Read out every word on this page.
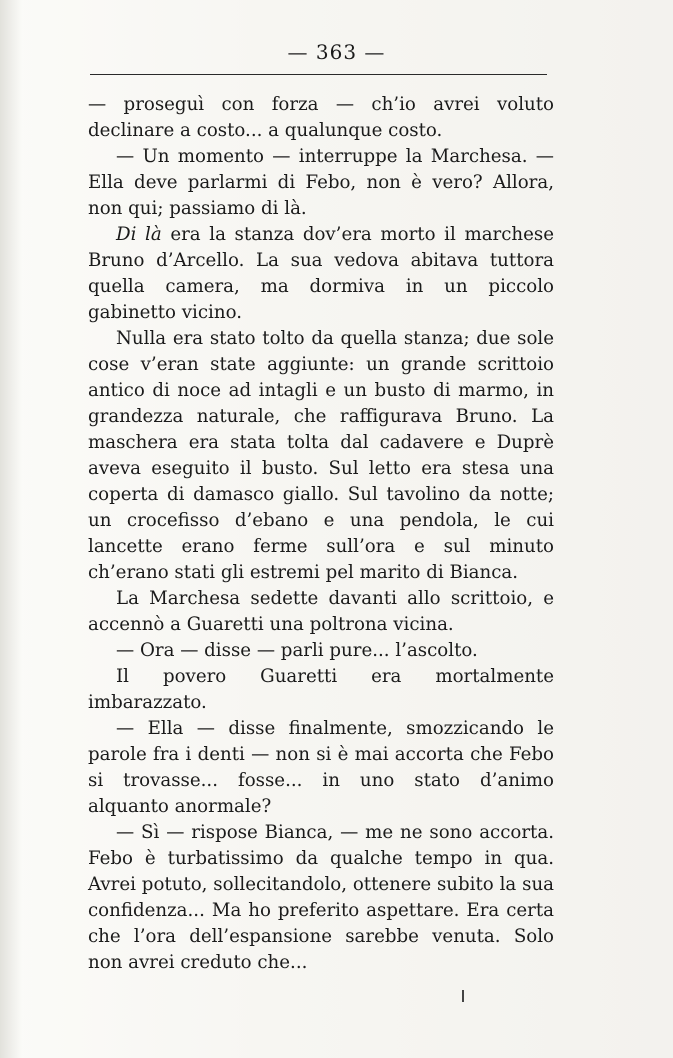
— 363 —

— proseguì con forza — ch’io avrei voluto declinare a costo... a qualunque costo.

— Un momento — interruppe la Marchesa. — Ella deve parlarmi di Febo, non è vero? Allora, non qui; passiamo di là.

Di là era la stanza dov’era morto il marchese Bruno d’Arcello. La sua vedova abitava tuttora quella camera, ma dormiva in un piccolo gabinetto vicino.

Nulla era stato tolto da quella stanza; due sole cose v’eran state aggiunte: un grande scrittoio antico di noce ad intagli e un busto di marmo, in grandezza naturale, che raffigurava Bruno. La maschera era stata tolta dal cadavere e Duprè aveva eseguito il busto. Sul letto era stesa una coperta di damasco giallo. Sul tavolino da notte; un crocefisso d’ebano e una pendola, le cui lancette erano ferme sull’ora e sul minuto ch’erano stati gli estremi pel marito di Bianca.

La Marchesa sedette davanti allo scrittoio, e accennò a Guaretti una poltrona vicina.

— Ora — disse — parli pure... l’ascolto.

Il povero Guaretti era mortalmente imbarazzato.

— Ella — disse finalmente, smozzicando le parole fra i denti — non si è mai accorta che Febo si trovasse... fosse... in uno stato d’animo alquanto anormale?

— Sì — rispose Bianca, — me ne sono accorta. Febo è turbatissimo da qualche tempo in qua. Avrei potuto, sollecitandolo, ottenere subito la sua confidenza... Ma ho preferito aspettare. Era certa che l’ora dell’espansione sarebbe venuta. Solo non avrei creduto che...
